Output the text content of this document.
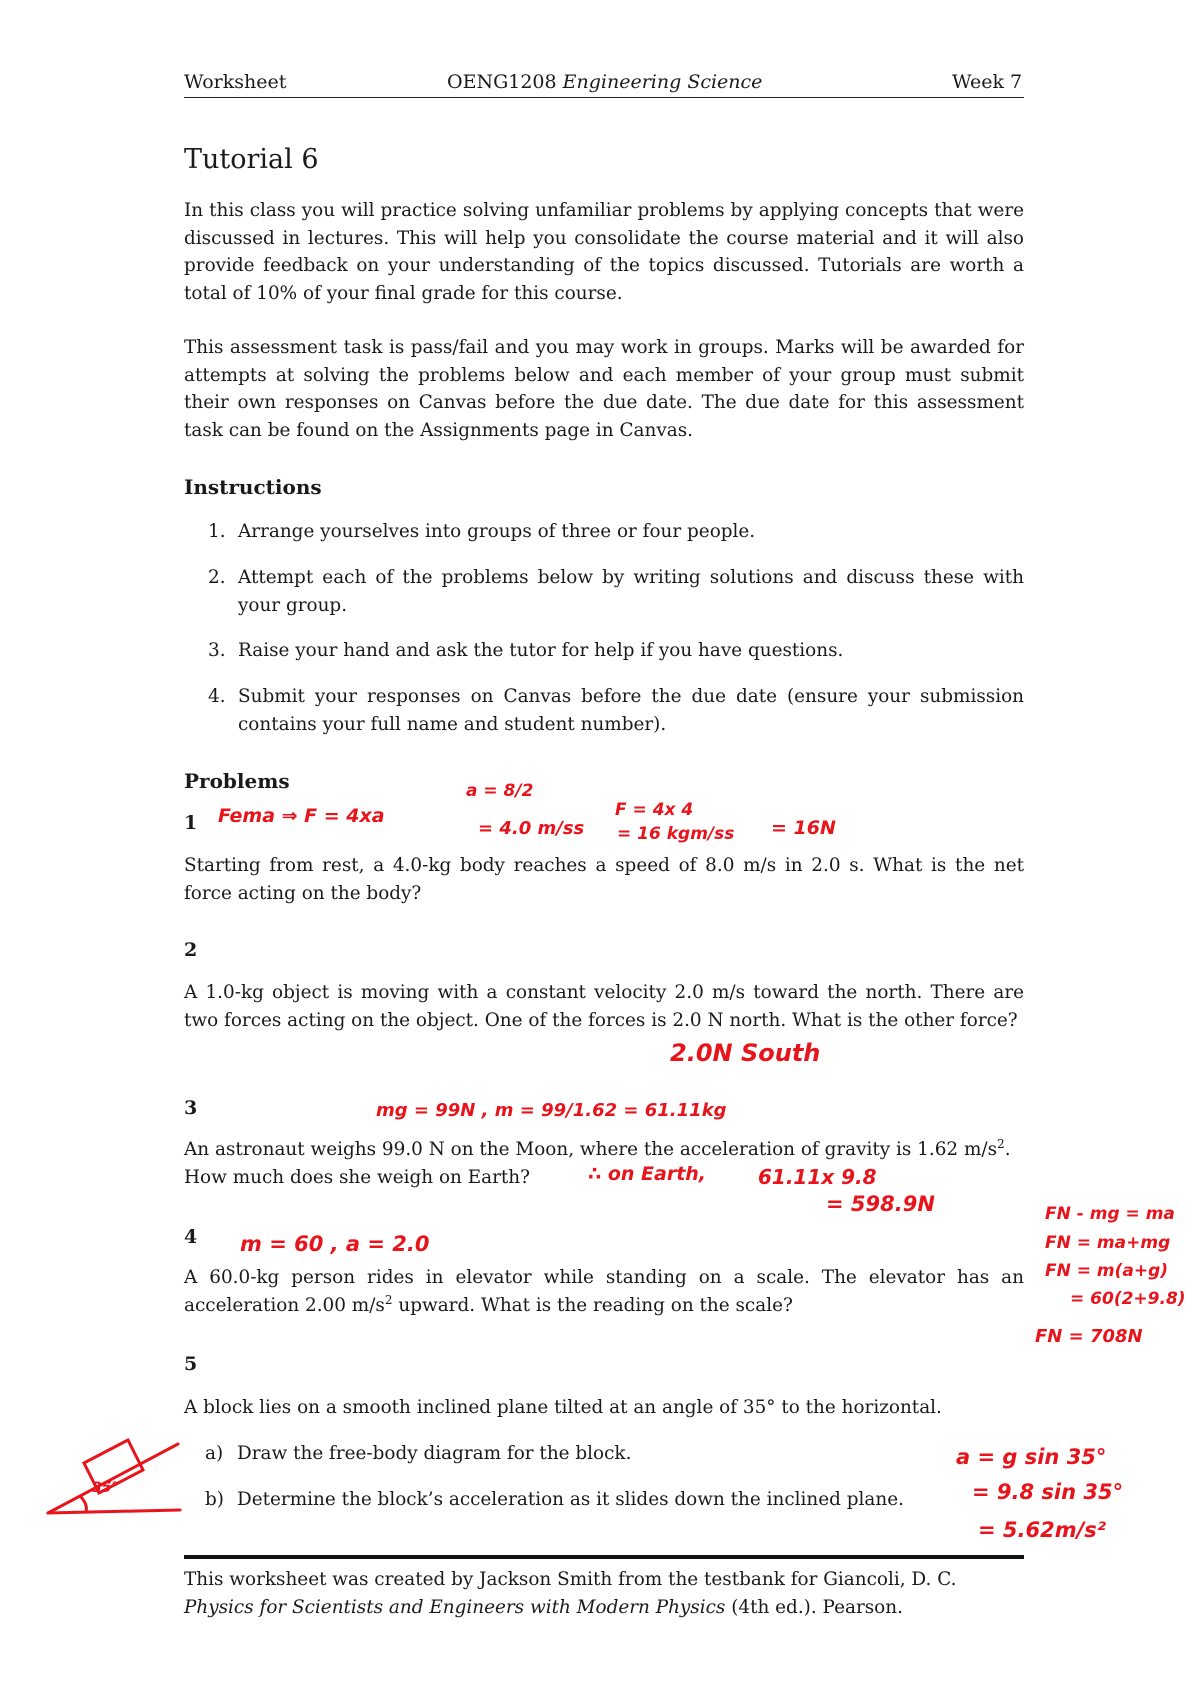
Worksheet	OENG1208 Engineering Science	Week 7
Tutorial 6
In this class you will practice solving unfamiliar problems by applying concepts that were discussed in lectures. This will help you consolidate the course material and it will also provide feedback on your understanding of the topics discussed. Tutorials are worth a total of 10% of your final grade for this course.
This assessment task is pass/fail and you may work in groups. Marks will be awarded for attempts at solving the problems below and each member of your group must submit their own responses on Canvas before the due date. The due date for this assessment task can be found on the Assignments page in Canvas.
Instructions
1. Arrange yourselves into groups of three or four people.
2. Attempt each of the problems below by writing solutions and discuss these with your group.
3. Raise your hand and ask the tutor for help if you have questions.
4. Submit your responses on Canvas before the due date (ensure your submission contains your full name and student number).
Problems
1
Starting from rest, a 4.0-kg body reaches a speed of 8.0 m/s in 2.0 s. What is the net force acting on the body?
2
A 1.0-kg object is moving with a constant velocity 2.0 m/s toward the north. There are two forces acting on the object. One of the forces is 2.0 N north. What is the other force?
3
An astronaut weighs 99.0 N on the Moon, where the acceleration of gravity is 1.62 $m/s^2$.
How much does she weigh on Earth?
4
A 60.0-kg person rides in elevator while standing on a scale. The elevator has an acceleration 2.00 $m/s^2$ upward. What is the reading on the scale?
5
A block lies on a smooth inclined plane tilted at an angle of 35° to the horizontal.
a) Draw the free-body diagram for the block.
b) Determine the block’s acceleration as it slides down the inclined plane.
This worksheet was created by Jackson Smith from the testbank for Giancoli, D. C.
Physics for Scientists and Engineers with Modern Physics (4th ed.). Pearson.
Fema ⇒ F = 4xa
a = 8/2
= 4.0 m/ss
F = 4x 4
= 16 kgm/ss = 16N
2.0N South
mg = 99N , m = 99/1.62 = 61.11kg
∴ on Earth,	61.11x 9.8
= 598.9N
m = 60 , a = 2.0
FN - mg = ma
FN = ma+mg
FN = m(a+g)
= 60(2+9.8)
FN = 708N
a = g sin 35°
= 9.8 sin 35°
= 5.62m/s²
35°
